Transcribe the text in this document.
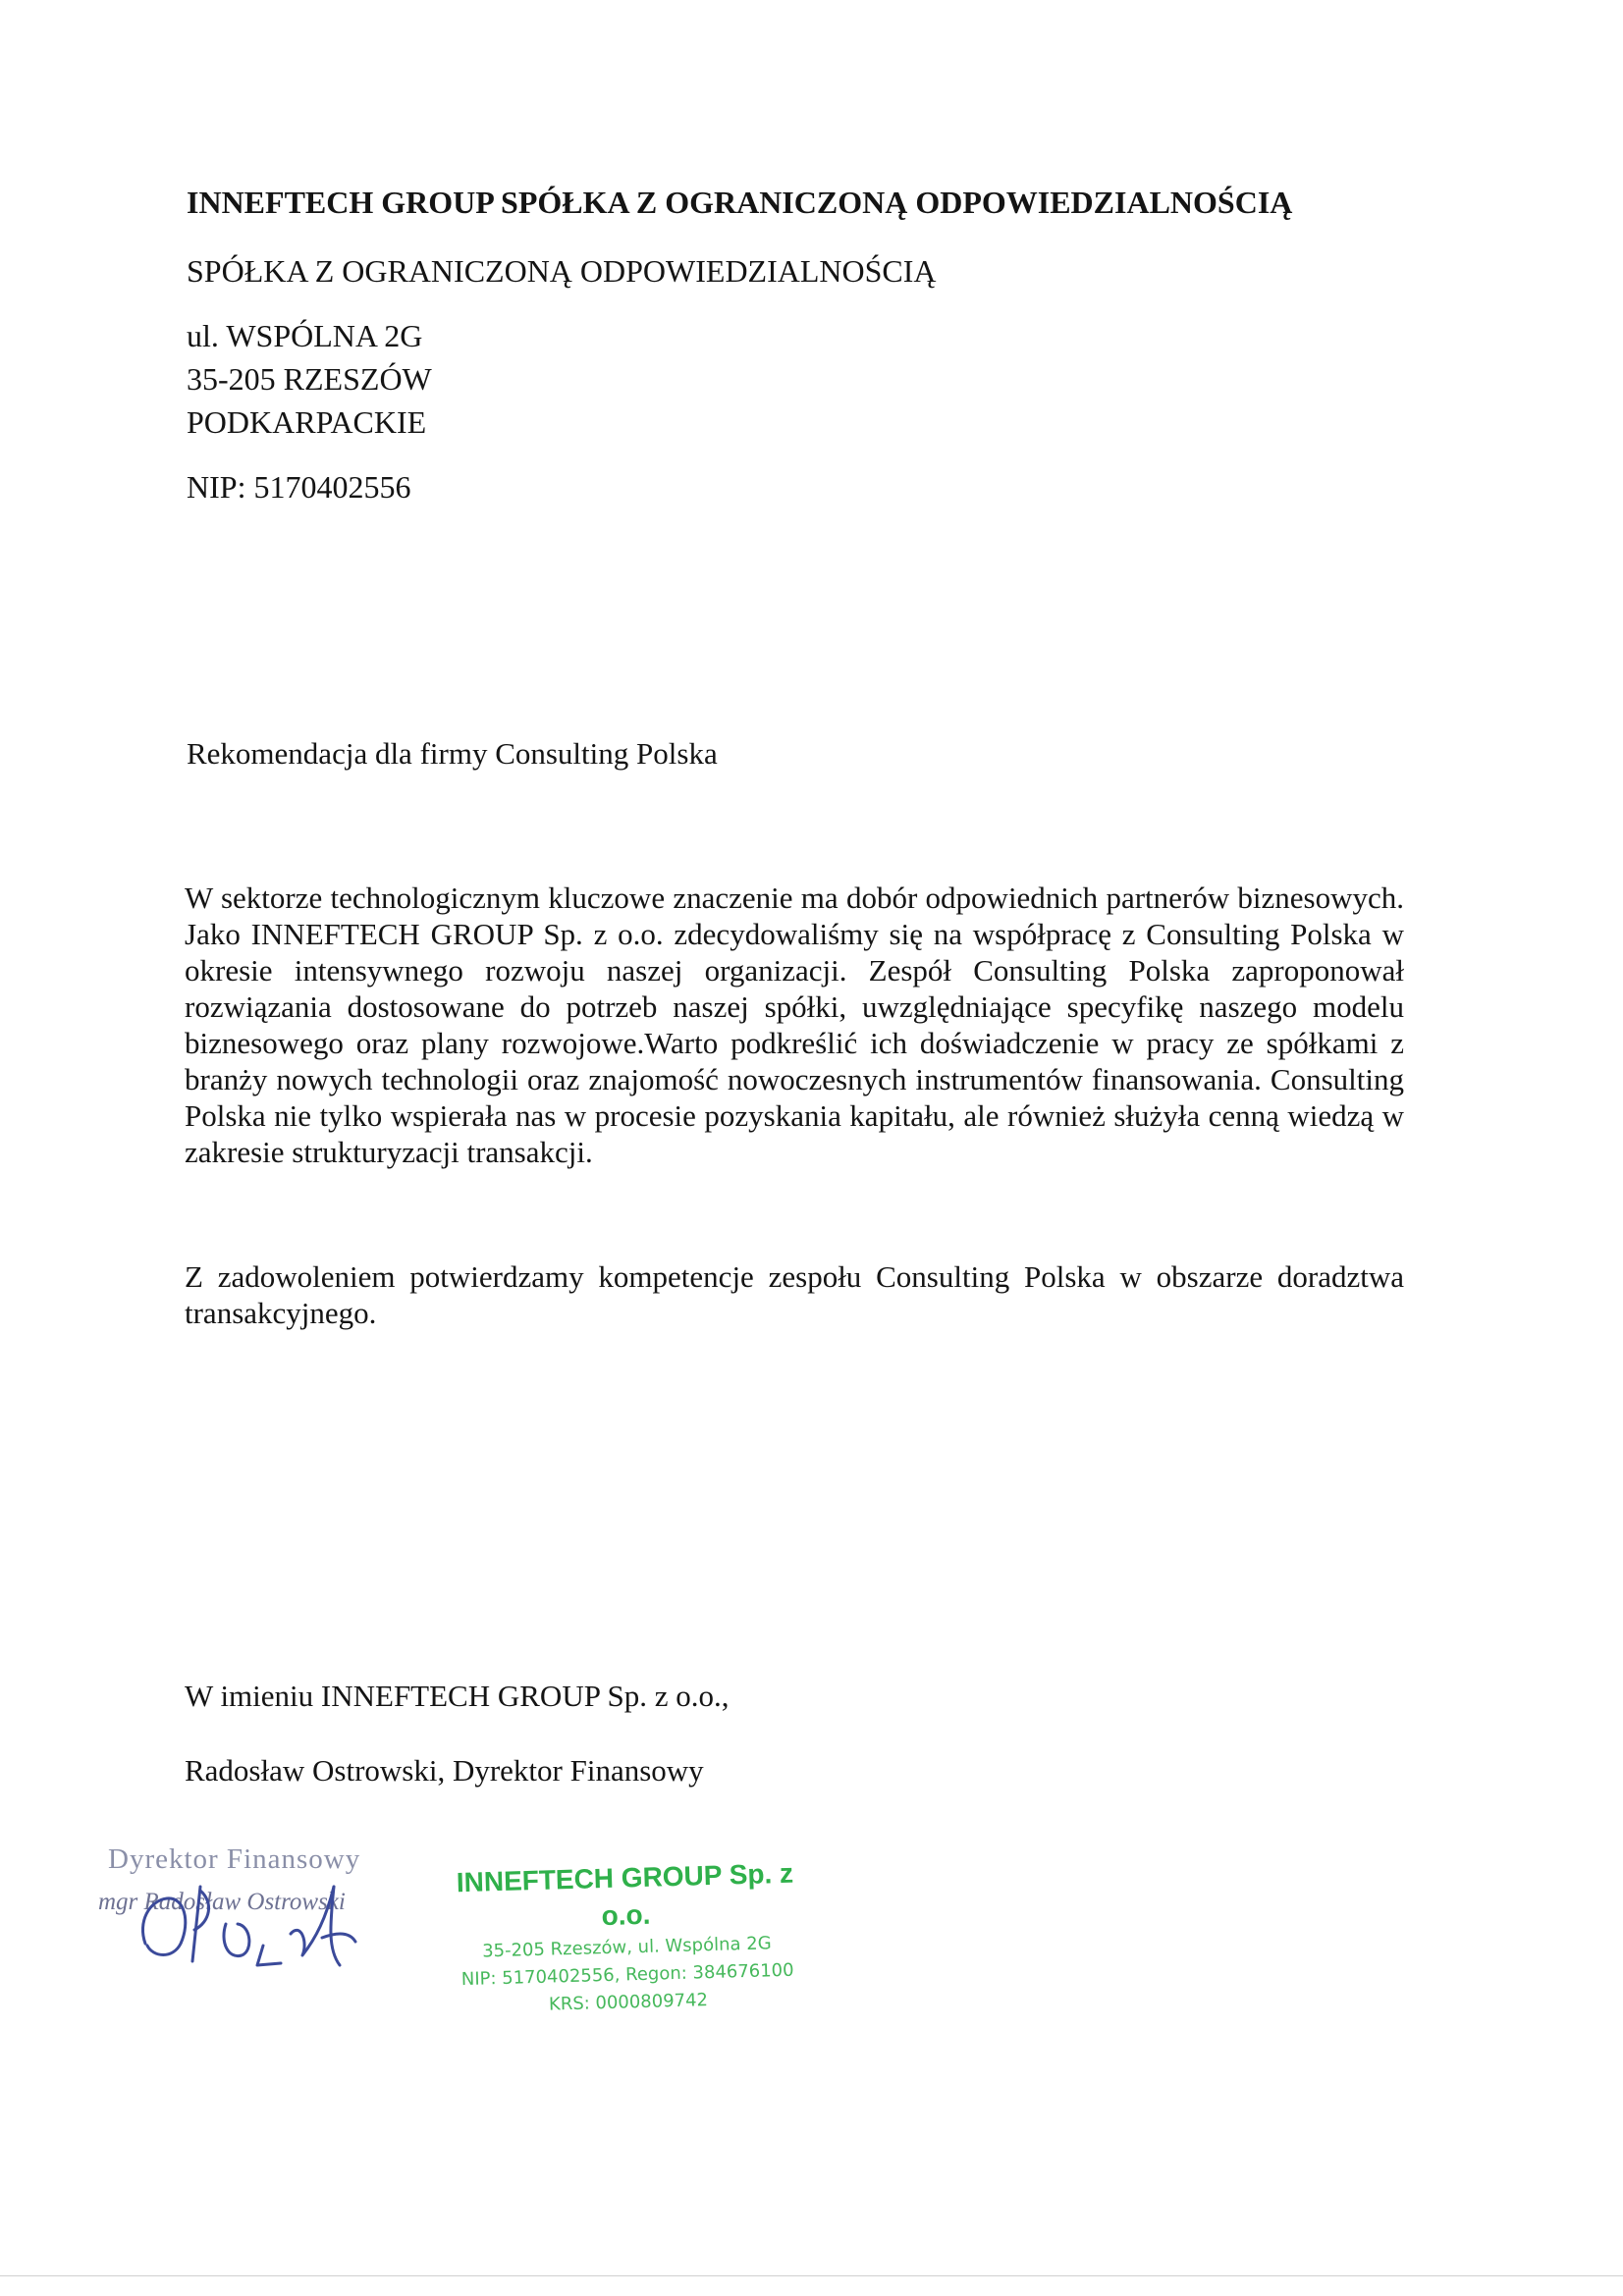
INNEFTECH GROUP SPÓŁKA Z OGRANICZONĄ ODPOWIEDZIALNOŚCIĄ
SPÓŁKA Z OGRANICZONĄ ODPOWIEDZIALNOŚCIĄ
ul. WSPÓLNA 2G
35-205 RZESZÓW
PODKARPACKIE
NIP: 5170402556
Rekomendacja dla firmy Consulting Polska
W sektorze technologicznym kluczowe znaczenie ma dobór odpowiednich partnerów biznesowych. Jako INNEFTECH GROUP Sp. z o.o. zdecydowaliśmy się na współpracę z Consulting Polska w okresie intensywnego rozwoju naszej organizacji. Zespół Consulting Polska zaproponował rozwiązania dostosowane do potrzeb naszej spółki, uwzględniające specyfikę naszego modelu biznesowego oraz plany rozwojowe.Warto podkreślić ich doświadczenie w pracy ze spółkami z branży nowych technologii oraz znajomość nowoczesnych instrumentów finansowania. Consulting Polska nie tylko wspierała nas w procesie pozyskania kapitału, ale również służyła cenną wiedzą w zakresie strukturyzacji transakcji.
Z zadowoleniem potwierdzamy kompetencje zespołu Consulting Polska w obszarze doradztwa transakcyjnego.
W imieniu INNEFTECH GROUP Sp. z o.o.,
Radosław Ostrowski, Dyrektor Finansowy
Dyrektor Finansowy
mgr Radosław Ostrowski
INNEFTECH GROUP Sp. z o.o.
35-205 Rzeszów, ul. Wspólna 2G
NIP: 5170402556, Regon: 384676100
KRS: 0000809742
